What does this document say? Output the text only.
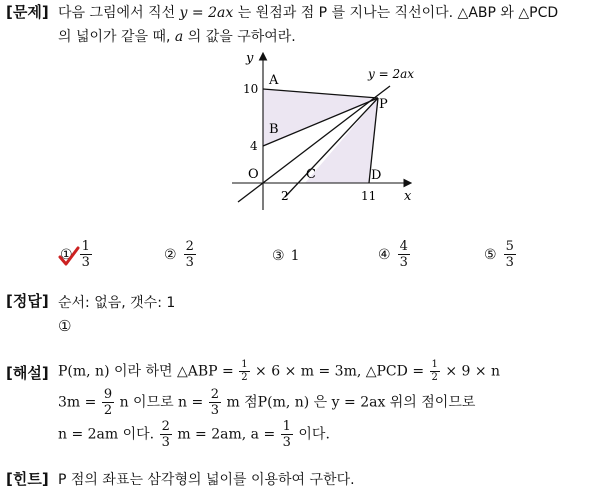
[문제] 다음 그림에서 직선 y = 2ax 는 원점과 점 P 를 지나는 직선이다. △ABP 와 △PCD
의 넓이가 같을 때, a 의 값을 구하여라.
y = 2ax
y
x
A
B
C	D
P
O
10
4
2	11
① $\frac{1}{3}$	② $\frac{2}{3}$	③ 1	④ $\frac{4}{3}$	⑤ $\frac{5}{3}$
[정답] 순서: 없음, 갯수: 1
①
[해설] P(m, n) 이라 하면 △ABP = $\frac{1}{2} \times 6 \times m = 3m$, △PCD = $\frac{1}{2} \times 9 \times n$
$3m = \frac{9}{2}$ n 이므로 $n = \frac{2}{3}$ m 점P(m, n) 은 y = 2ax 위의 점이므로
n = 2am 이다. $\frac{2}{3}$ m = 2am, $a = \frac{1}{3}$ 이다.
[힌트] P 점의 좌표는 삼각형의 넓이를 이용하여 구한다.
